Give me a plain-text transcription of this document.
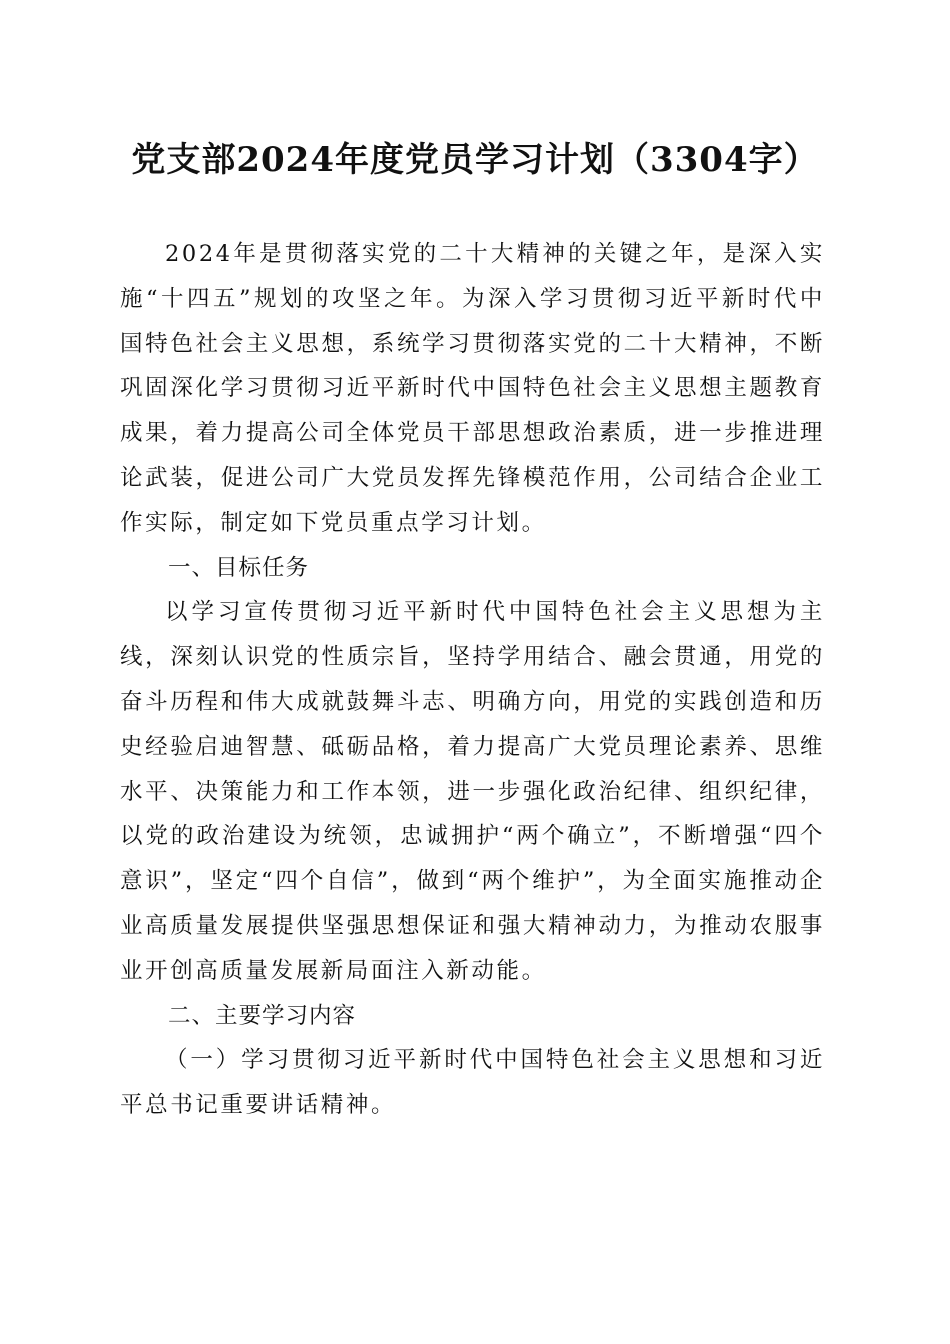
党支部2024年度党员学习计划（3304字）

2024年是贯彻落实党的二十大精神的关键之年，是深入实施“十四五”规划的攻坚之年。为深入学习贯彻习近平新时代中国特色社会主义思想，系统学习贯彻落实党的二十大精神，不断巩固深化学习贯彻习近平新时代中国特色社会主义思想主题教育成果，着力提高公司全体党员干部思想政治素质，进一步推进理论武装，促进公司广大党员发挥先锋模范作用，公司结合企业工作实际，制定如下党员重点学习计划。

一、目标任务

以学习宣传贯彻习近平新时代中国特色社会主义思想为主线，深刻认识党的性质宗旨，坚持学用结合、融会贯通，用党的奋斗历程和伟大成就鼓舞斗志、明确方向，用党的实践创造和历史经验启迪智慧、砥砺品格，着力提高广大党员理论素养、思维水平、决策能力和工作本领，进一步强化政治纪律、组织纪律，以党的政治建设为统领，忠诚拥护“两个确立”，不断增强“四个意识”，坚定“四个自信”，做到“两个维护”，为全面实施推动企业高质量发展提供坚强思想保证和强大精神动力，为推动农服事业开创高质量发展新局面注入新动能。

二、主要学习内容

（一）学习贯彻习近平新时代中国特色社会主义思想和习近平总书记重要讲话精神。
